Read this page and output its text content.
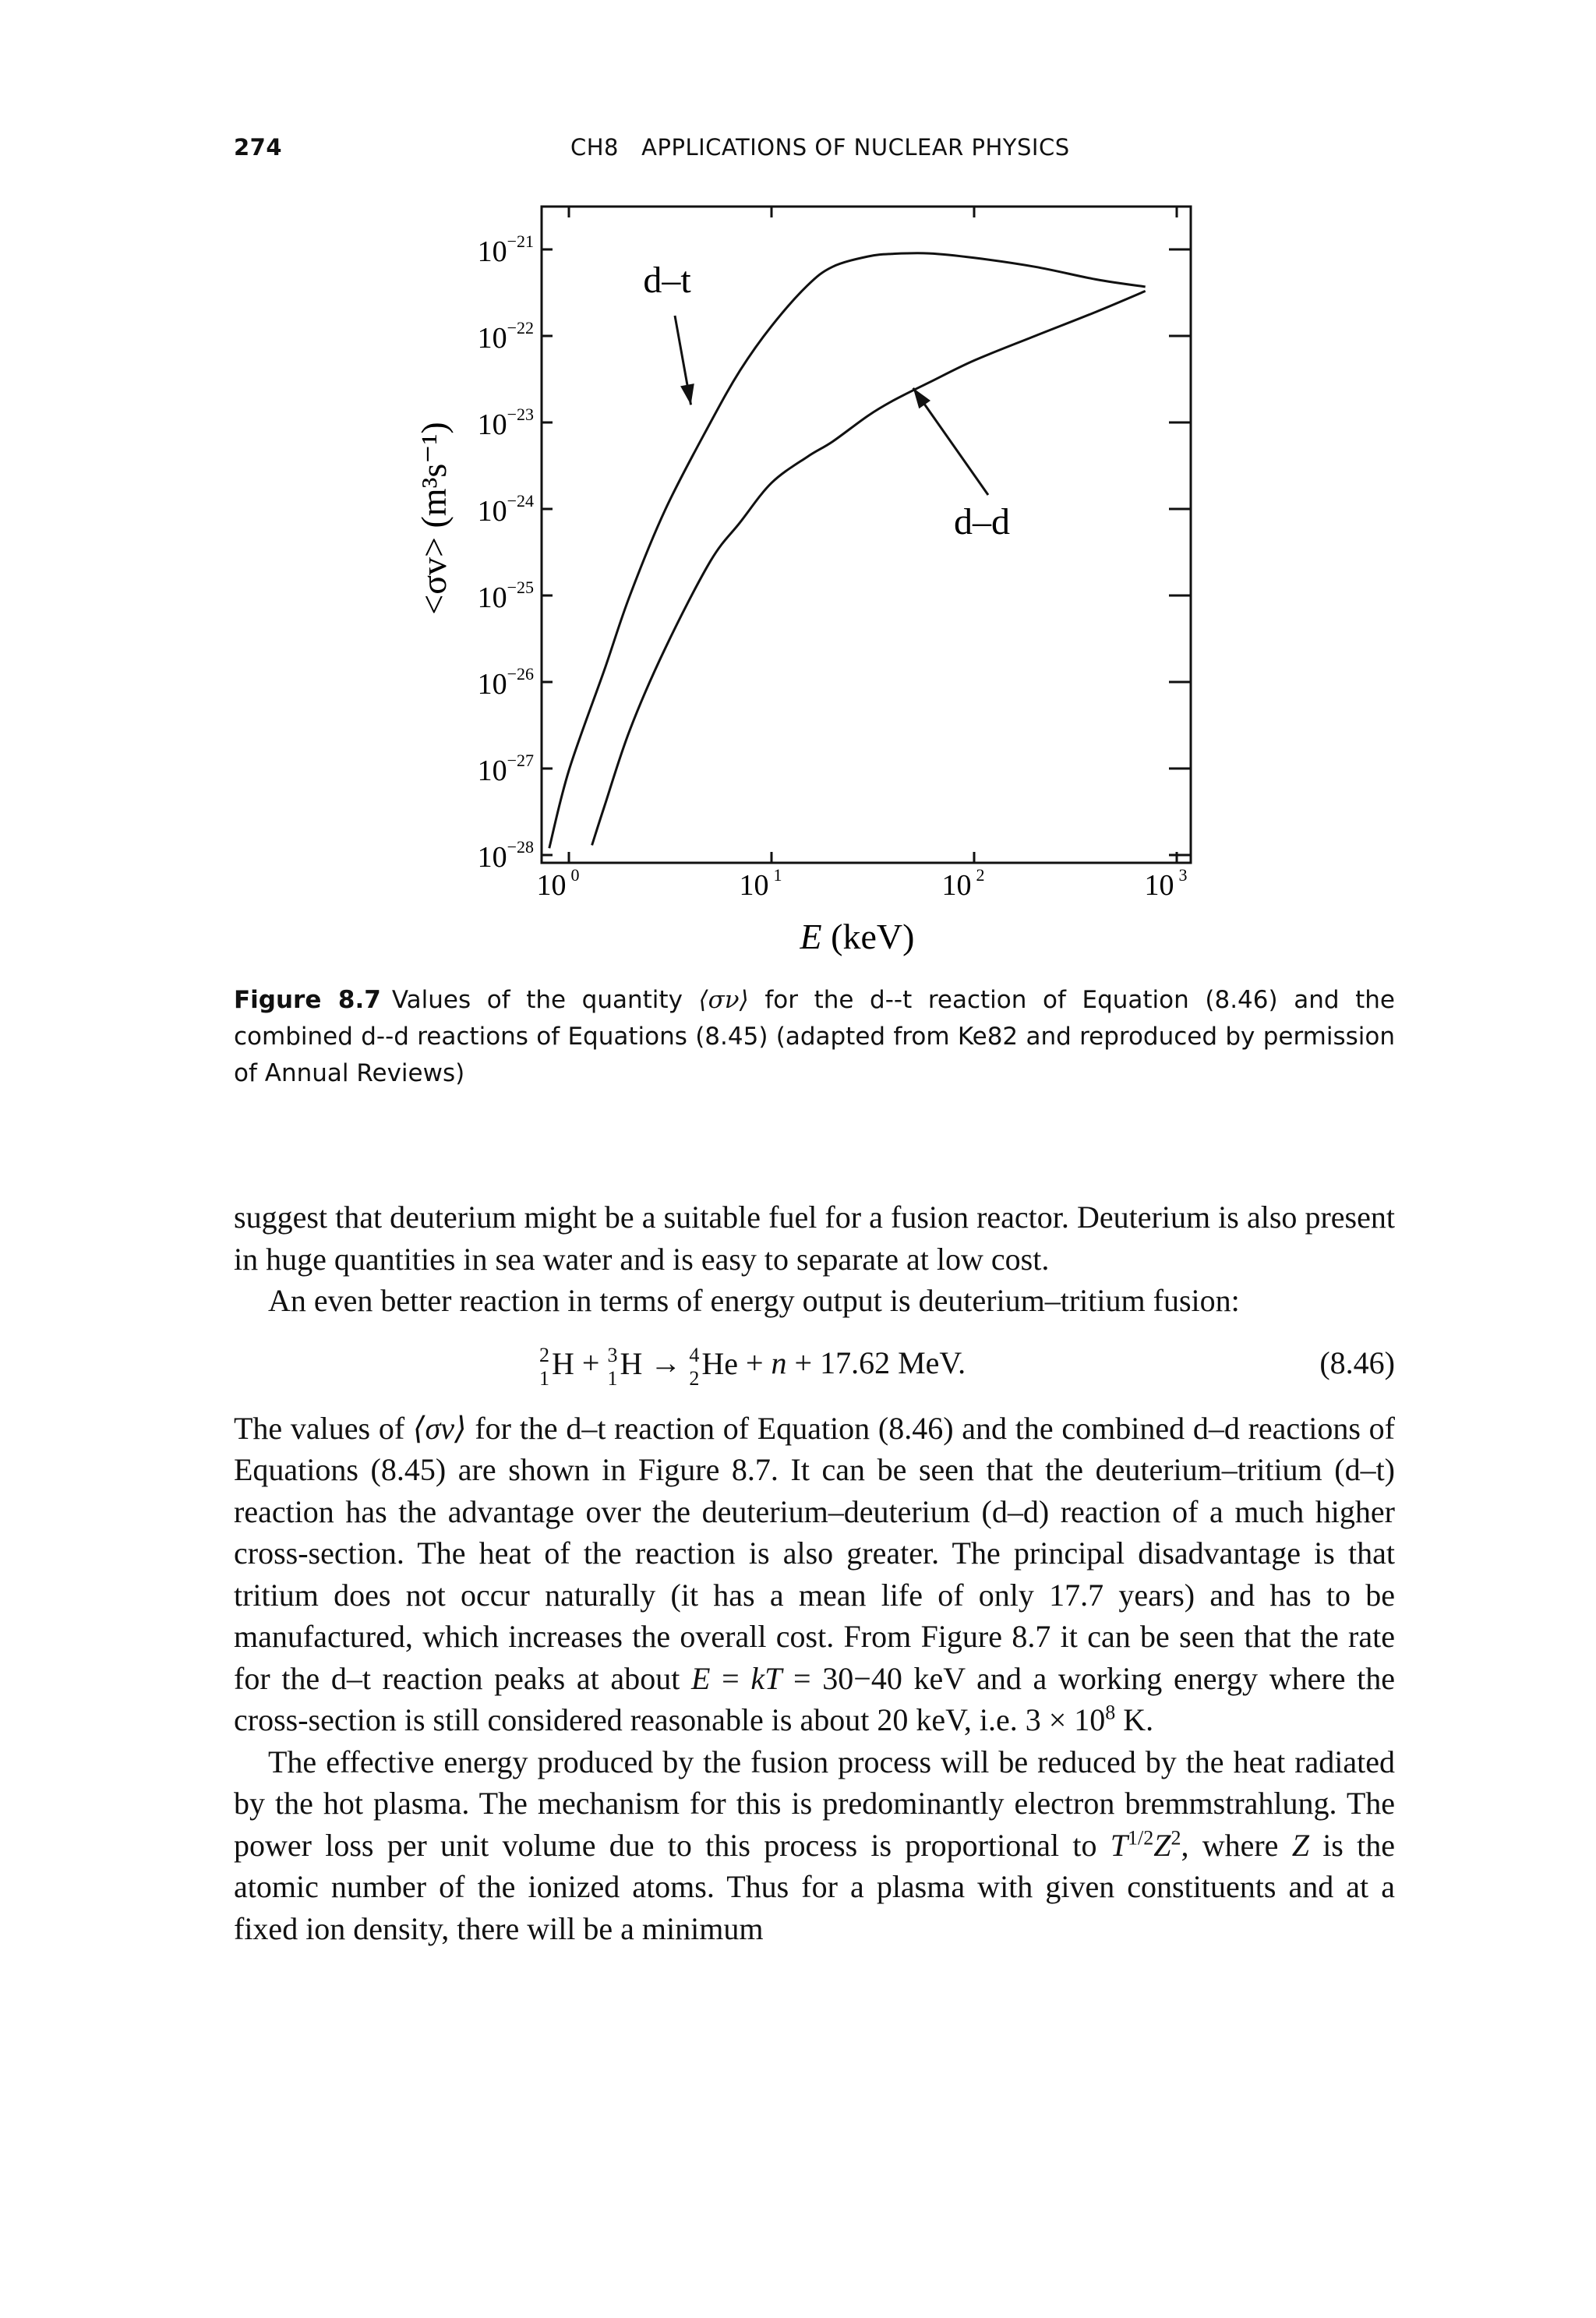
274	CH8   APPLICATIONS OF NUCLEAR PHYSICS
$10^{-21}$
$10^{-22}$
$10^{-23}$
$10^{-24}$
$10^{-25}$
$10^{-26}$
$10^{-27}$
$10^{-28}$
10 $^0$	10 $^1$	10 $^2$	10 $^3$
d–t
d–d
E (keV)
<σv> (m³s⁻¹)
Figure 8.7 Values of the quantity ⟨σν⟩ for the d--t reaction of Equation (8.46) and the combined d--d reactions of Equations (8.45) (adapted from Ke82 and reproduced by permission of Annual Reviews)

suggest that deuterium might be a suitable fuel for a fusion reactor. Deuterium is also present in huge quantities in sea water and is easy to separate at low cost.

An even better reaction in terms of energy output is deuterium–tritium fusion:

2
1 H + 3
1 H → 4
2 He + n + 17.62 MeV.	(8.46)

The values of ⟨σv⟩ for the d–t reaction of Equation (8.46) and the combined d–d reactions of Equations (8.45) are shown in Figure 8.7. It can be seen that the deuterium–tritium (d–t) reaction has the advantage over the deuterium–deuterium (d–d) reaction of a much higher cross-section. The heat of the reaction is also greater. The principal disadvantage is that tritium does not occur naturally (it has a mean life of only 17.7 years) and has to be manufactured, which increases the overall cost. From Figure 8.7 it can be seen that the rate for the d–t reaction peaks at about E = kT = 30−40 keV and a working energy where the cross-section is still considered reasonable is about 20 keV, i.e. $3 \times 10^8$ K.

The effective energy produced by the fusion process will be reduced by the heat radiated by the hot plasma. The mechanism for this is predominantly electron bremmstrahlung. The power loss per unit volume due to this process is proportional to $T^{1/2}Z^2$, where Z is the atomic number of the ionized atoms. Thus for a plasma with given constituents and at a fixed ion density, there will be a minimum
